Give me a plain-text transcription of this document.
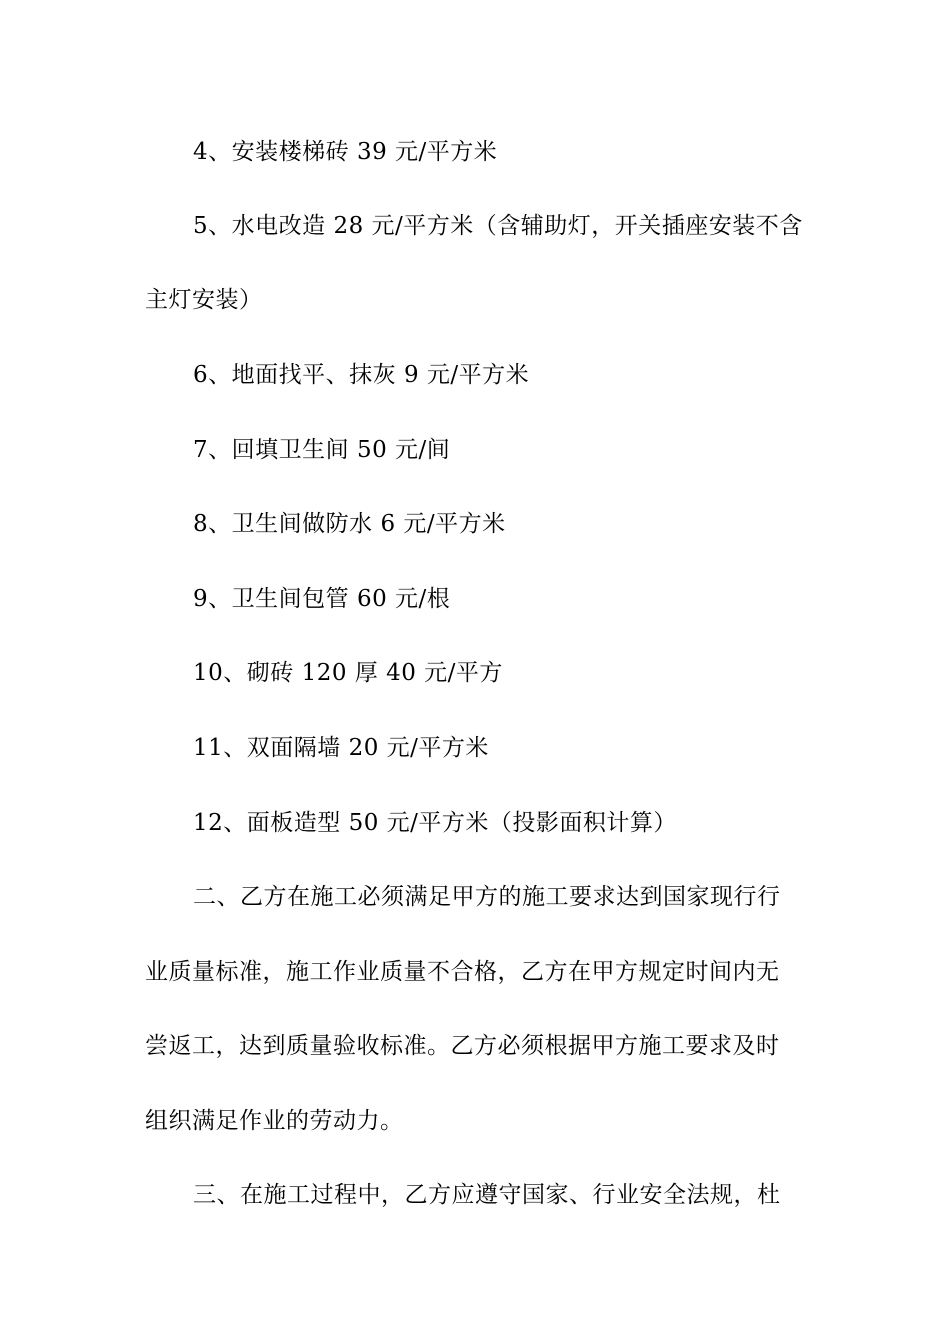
4、安装楼梯砖 39 元/平方米
5、水电改造 28 元/平方米（含辅助灯，开关插座安装不含
主灯安装）
6、地面找平、抹灰 9 元/平方米
7、回填卫生间 50 元/间
8、卫生间做防水 6 元/平方米
9、卫生间包管 60 元/根
10、砌砖 120 厚 40 元/平方
11、双面隔墙 20 元/平方米
12、面板造型 50 元/平方米（投影面积计算）
二、乙方在施工必须满足甲方的施工要求达到国家现行行
业质量标准，施工作业质量不合格，乙方在甲方规定时间内无
尝返工，达到质量验收标准。乙方必须根据甲方施工要求及时
组织满足作业的劳动力。
三、在施工过程中，乙方应遵守国家、行业安全法规，杜
